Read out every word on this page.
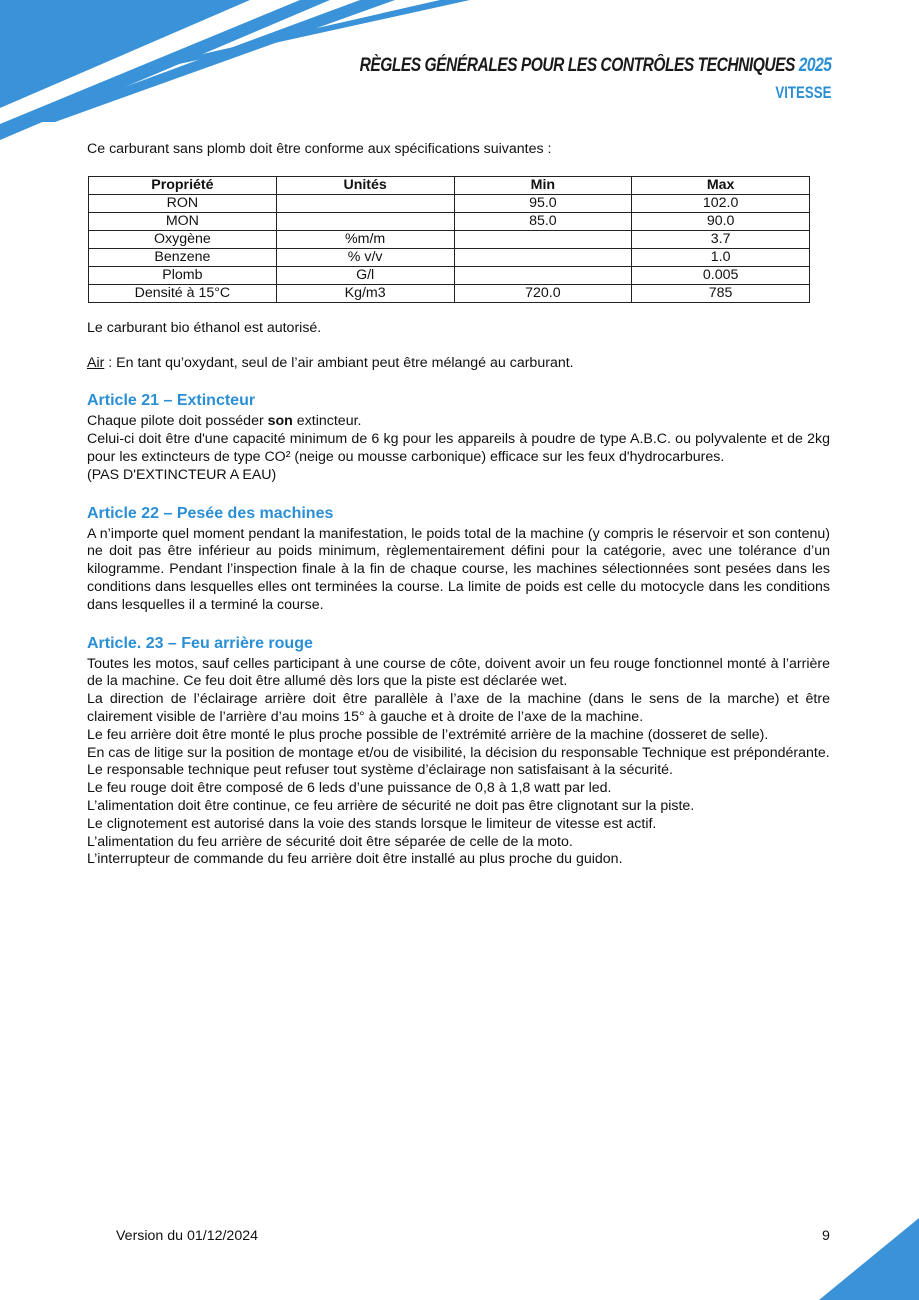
RÈGLES GÉNÉRALES POUR LES CONTRÔLES TECHNIQUES 2025
VITESSE

Ce carburant sans plomb doit être conforme aux spécifications suivantes :

Propriété	Unités	Min	Max
RON		95.0	102.0
MON		85.0	90.0
Oxygène	%m/m		3.7
Benzene	% v/v		1.0
Plomb	G/l		0.005
Densité à 15°C	Kg/m3	720.0	785

Le carburant bio éthanol est autorisé.

Air : En tant qu’oxydant, seul de l’air ambiant peut être mélangé au carburant.

Article 21 – Extincteur

Chaque pilote doit posséder son extincteur.

Celui-ci doit être d'une capacité minimum de 6 kg pour les appareils à poudre de type A.B.C. ou polyvalente et de 2kg pour les extincteurs de type CO² (neige ou mousse carbonique) efficace sur les feux d'hydrocarbures.

(PAS D'EXTINCTEUR A EAU)

Article 22 – Pesée des machines

A n’importe quel moment pendant la manifestation, le poids total de la machine (y compris le réservoir et son contenu) ne doit pas être inférieur au poids minimum, règlementairement défini pour la catégorie, avec une tolérance d’un kilogramme. Pendant l’inspection finale à la fin de chaque course, les machines sélectionnées sont pesées dans les conditions dans lesquelles elles ont terminées la course. La limite de poids est celle du motocycle dans les conditions dans lesquelles il a terminé la course.

Article. 23 – Feu arrière rouge

Toutes les motos, sauf celles participant à une course de côte, doivent avoir un feu rouge fonctionnel monté à l’arrière de la machine. Ce feu doit être allumé dès lors que la piste est déclarée wet.

La direction de l’éclairage arrière doit être parallèle à l’axe de la machine (dans le sens de la marche) et être clairement visible de l’arrière d’au moins 15° à gauche et à droite de l’axe de la machine.

Le feu arrière doit être monté le plus proche possible de l’extrémité arrière de la machine (dosseret de selle).

En cas de litige sur la position de montage et/ou de visibilité, la décision du responsable Technique est prépondérante.

Le responsable technique peut refuser tout système d’éclairage non satisfaisant à la sécurité.

Le feu rouge doit être composé de 6 leds d’une puissance de 0,8 à 1,8 watt par led.

L’alimentation doit être continue, ce feu arrière de sécurité ne doit pas être clignotant sur la piste.

Le clignotement est autorisé dans la voie des stands lorsque le limiteur de vitesse est actif.

L’alimentation du feu arrière de sécurité doit être séparée de celle de la moto.

L’interrupteur de commande du feu arrière doit être installé au plus proche du guidon.

Version du 01/12/2024	9
